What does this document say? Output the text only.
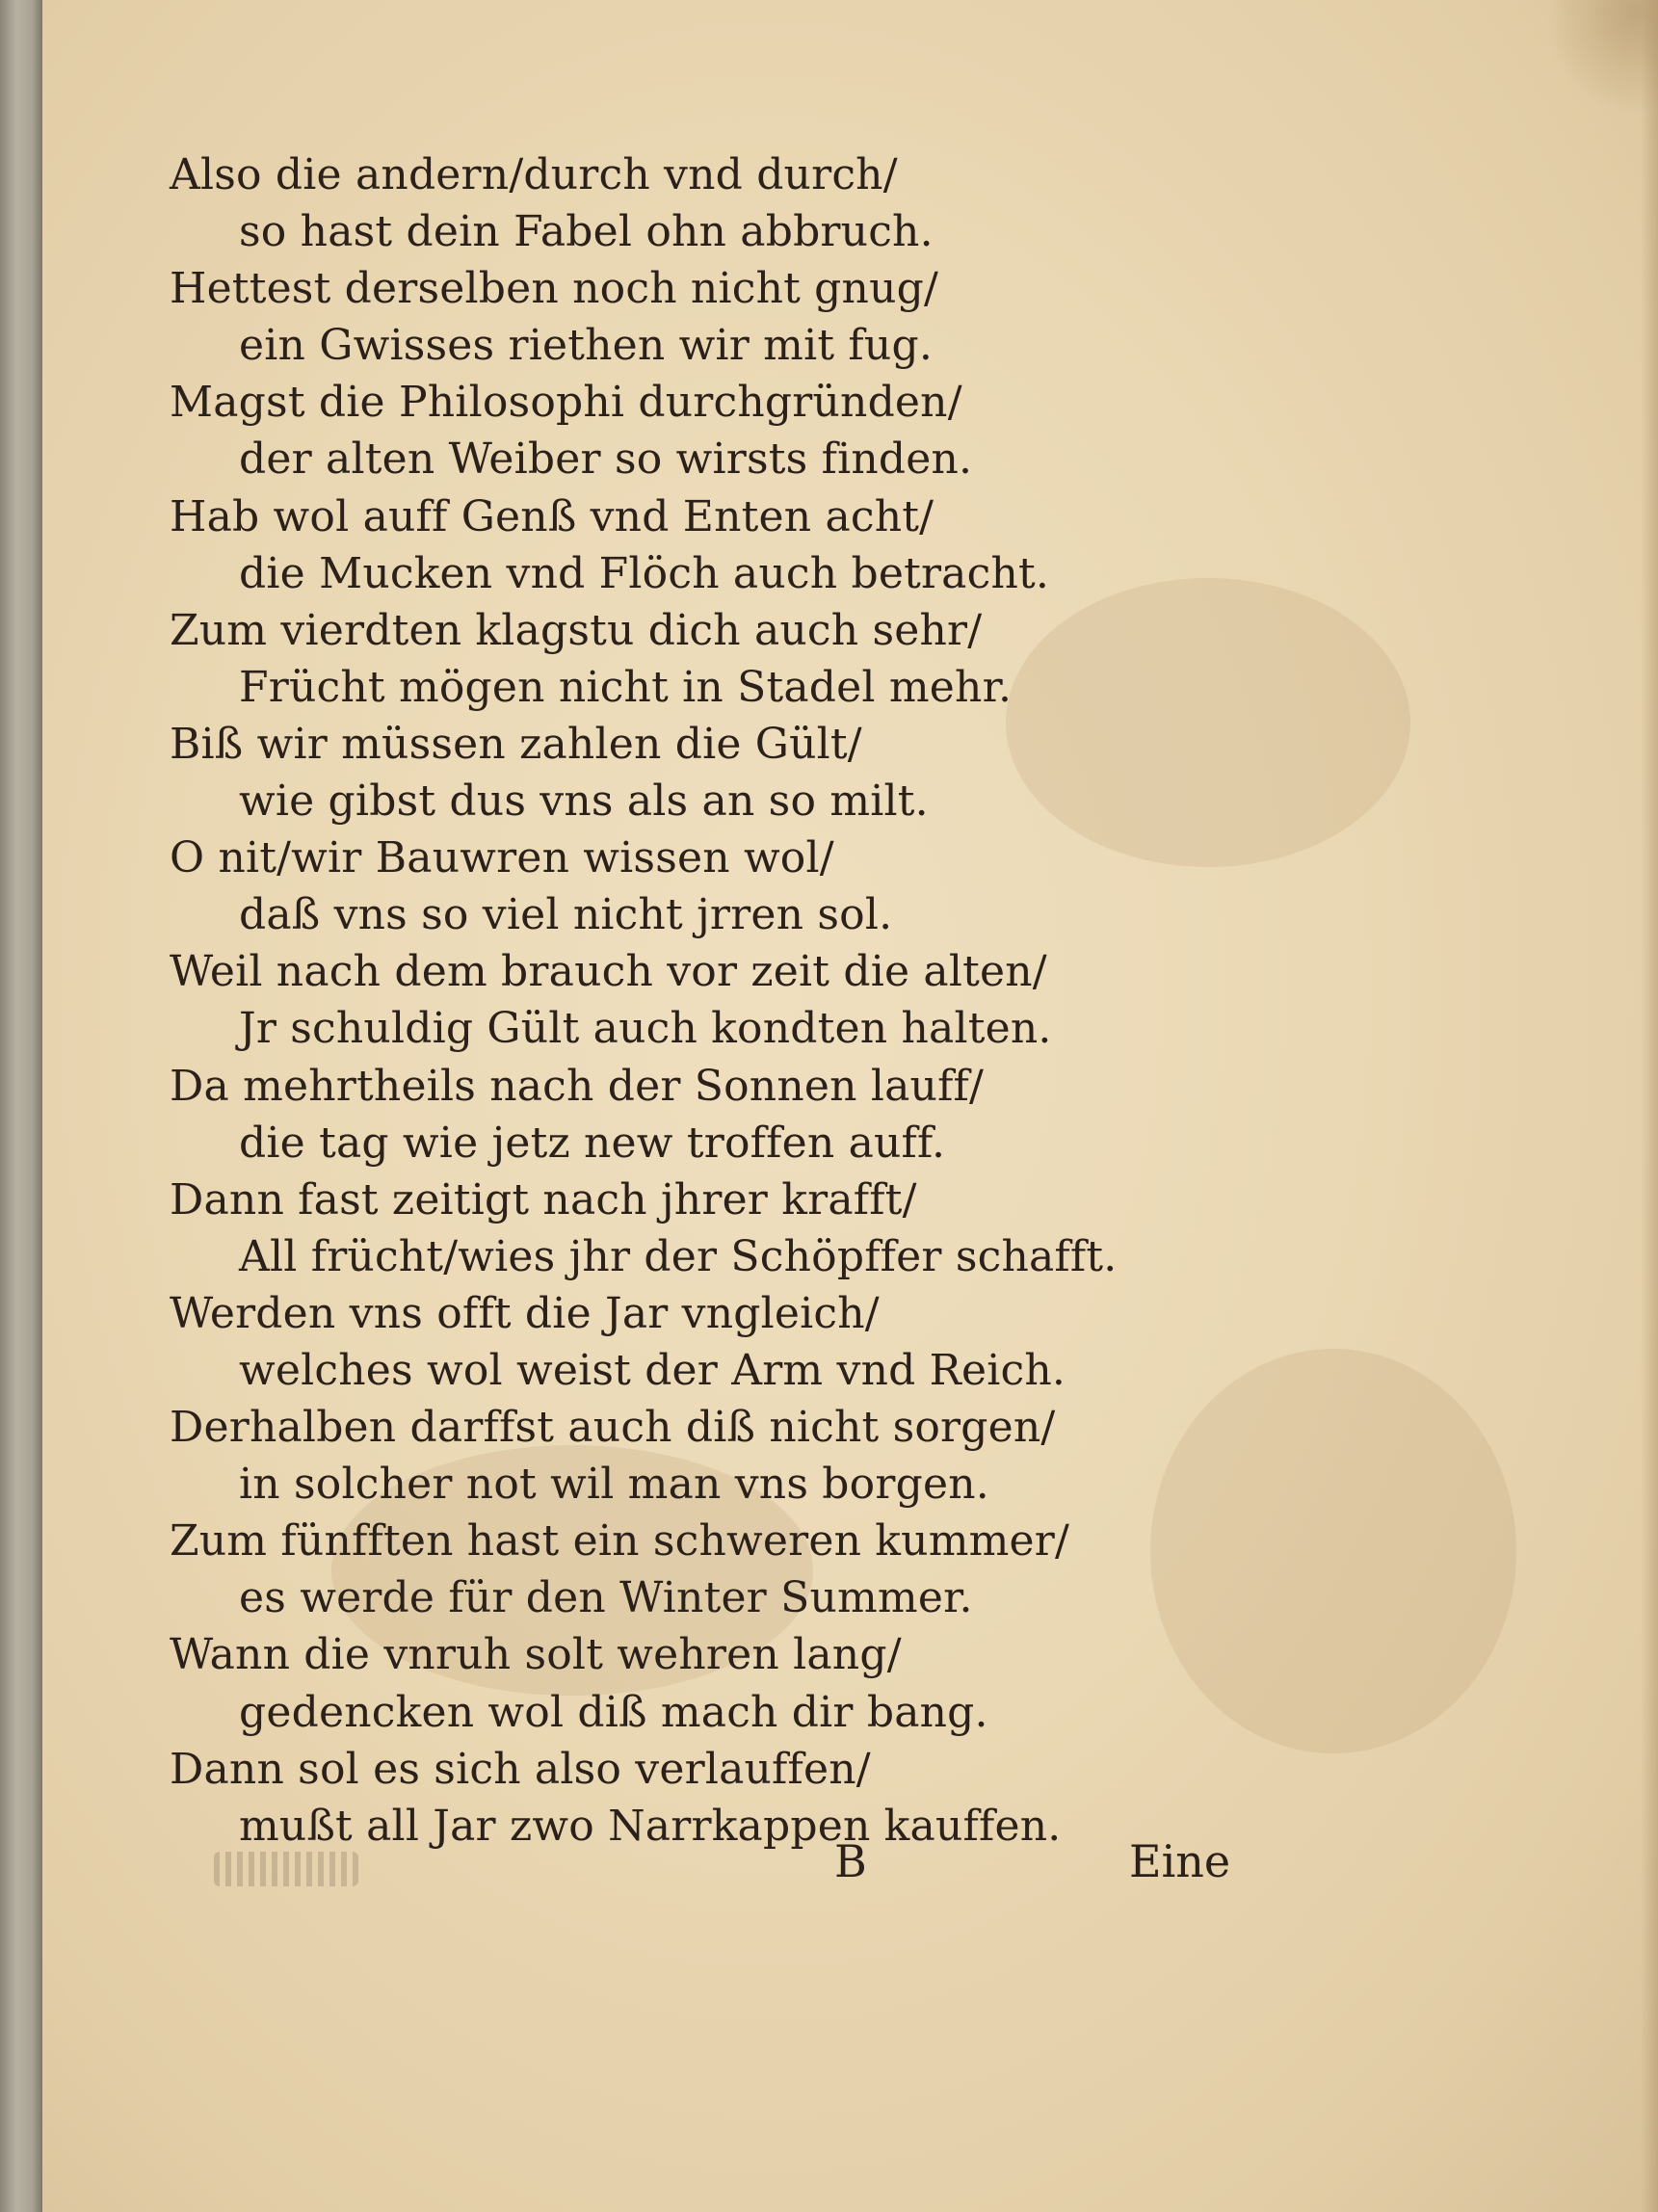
Also die andern/durch vnd durch/
so hast dein Fabel ohn abbruch.
Hettest derselben noch nicht gnug/
ein Gwisses riethen wir mit fug.
Magst die Philosophi durchgründen/
der alten Weiber so wirsts finden.
Hab wol auff Genß vnd Enten acht/
die Mucken vnd Flöch auch betracht.
Zum vierdten klagstu dich auch sehr/
Frücht mögen nicht in Stadel mehr.
Biß wir müssen zahlen die Gült/
wie gibst dus vns als an so milt.
O nit/wir Bauwren wissen wol/
daß vns so viel nicht jrren sol.
Weil nach dem brauch vor zeit die alten/
Jr schuldig Gült auch kondten halten.
Da mehrtheils nach der Sonnen lauff/
die tag wie jetz new troffen auff.
Dann fast zeitigt nach jhrer krafft/
All frücht/wies jhr der Schöpffer schafft.
Werden vns offt die Jar vngleich/
welches wol weist der Arm vnd Reich.
Derhalben darffst auch diß nicht sorgen/
in solcher not wil man vns borgen.
Zum fünfften hast ein schweren kummer/
es werde für den Winter Summer.
Wann die vnruh solt wehren lang/
gedencken wol diß mach dir bang.
Dann sol es sich also verlauffen/
mußt all Jar zwo Narrkappen kauffen.
B	Eine
